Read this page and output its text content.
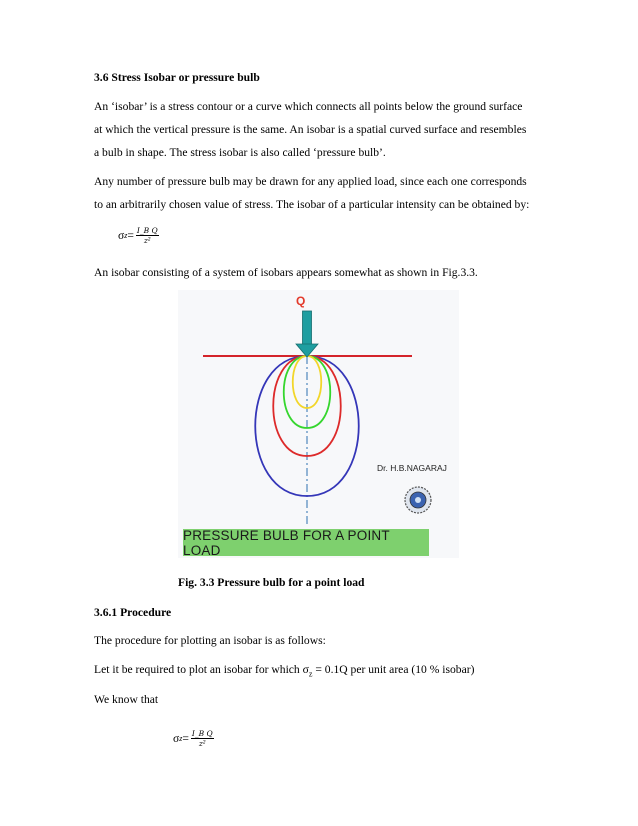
3.6 Stress Isobar or pressure bulb
An ‘isobar’ is a stress contour or a curve which connects all points below the ground surface
at which the vertical pressure is the same. An isobar is a spatial curved surface and resembles
a bulb in shape. The stress isobar is also called ‘pressure bulb’.
Any number of pressure bulb may be drawn for any applied load, since each one corresponds
to an arbitrarily chosen value of stress. The isobar of a particular intensity can be obtained by:
σ $z = \frac{\text{I\_B Q}}{\text{z²}}$
An isobar consisting of a system of isobars appears somewhat as shown in Fig.3.3.
Q
Dr. H.B.NAGARAJ
PRESSURE BULB FOR A POINT LOAD
Fig. 3.3 Pressure bulb for a point load
3.6.1 Procedure
The procedure for plotting an isobar is as follows:
Let it be required to plot an isobar for which $\sigma_z = 0.1Q$ per unit area (10 % isobar)
We know that
σ $z = \frac{\text{I\_B Q}}{\text{z²}}$
